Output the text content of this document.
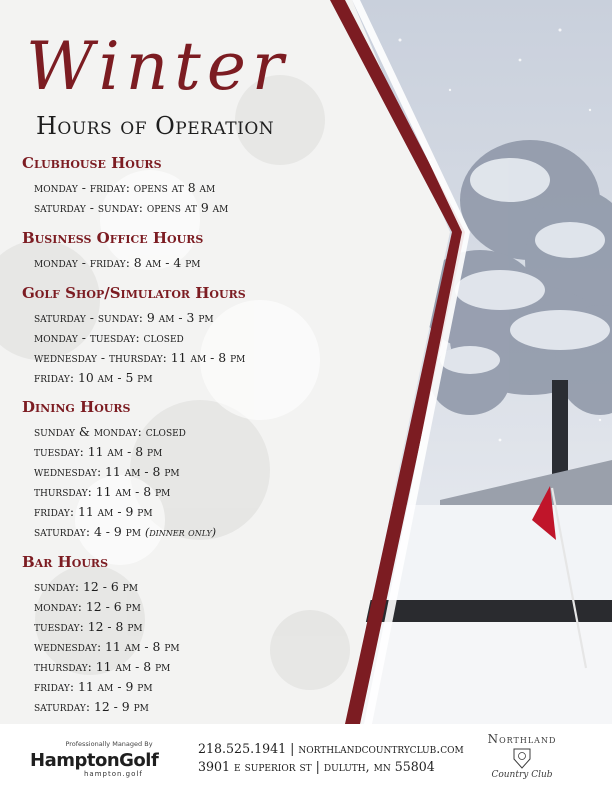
Winter
Hours of Operation
Clubhouse Hours
monday - friday: opens at 8 am
saturday - sunday: opens at 9 am
Business Office Hours
monday - friday: 8 am - 4 pm
Golf Shop/Simulator Hours
saturday - sunday: 9 am - 3 pm
monday - tuesday: closed
wednesday - thursday: 11 am - 8 pm
friday: 10 am - 5 pm
Dining Hours
sunday & monday: closed
tuesday: 11 am - 8 pm
wednesday: 11 am - 8 pm
thursday: 11 am - 8 pm
friday: 11 am - 9 pm
saturday: 4 - 9 pm (dinner only)
Bar Hours
sunday: 12 - 6 pm
monday: 12 - 6 pm
tuesday: 12 - 8 pm
wednesday: 11 am - 8 pm
thursday: 11 am - 8 pm
friday: 11 am - 9 pm
saturday: 12 - 9 pm
Professionally Managed By
HamptonGolf
hampton.golf
218.525.1941 | northlandcountryclub.com
3901 e superior st | duluth, mn 55804
Northland
Country Club
